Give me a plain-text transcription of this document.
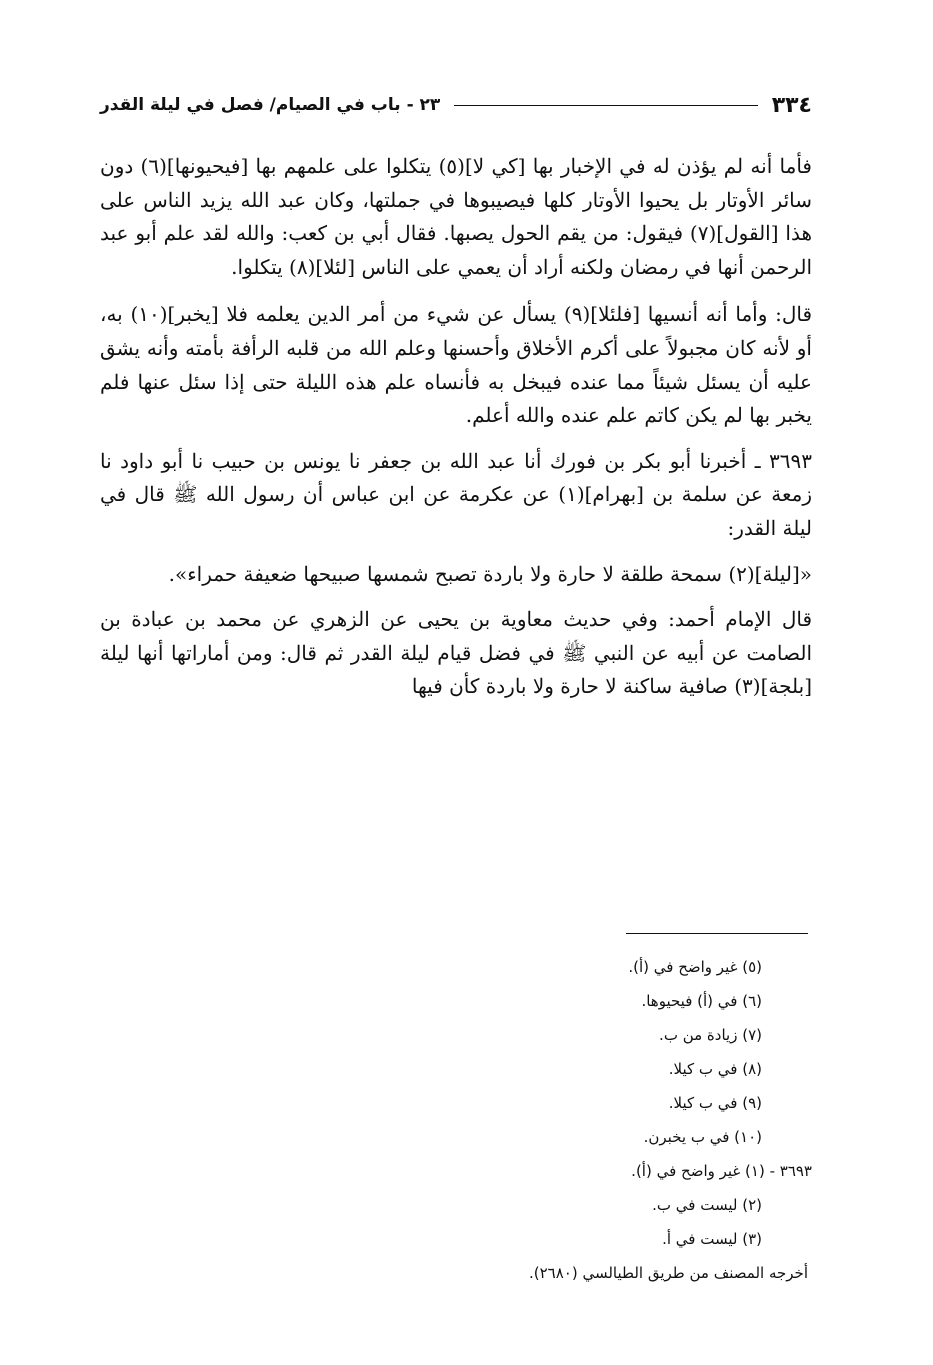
٣٣٤
٢٣ - باب في الصيام/ فصل في ليلة القدر

فأما أنه لم يؤذن له في الإخبار بها [كي لا](٥) يتكلوا على علمهم بها [فيحيونها](٦) دون سائر الأوتار بل يحيوا الأوتار كلها فيصيبوها في جملتها، وكان عبد الله يزيد الناس على هذا [القول](٧) فيقول: من يقم الحول يصبها. فقال أبي بن كعب: والله لقد علم أبو عبد الرحمن أنها في رمضان ولكنه أراد أن يعمي على الناس [لئلا](٨) يتكلوا.

قال: وأما أنه أنسيها [فلئلا](٩) يسأل عن شيء من أمر الدين يعلمه فلا [يخبر](١٠) به، أو لأنه كان مجبولاً على أكرم الأخلاق وأحسنها وعلم الله من قلبه الرأفة بأمته وأنه يشق عليه أن يسئل شيئاً مما عنده فيبخل به فأنساه علم هذه الليلة حتى إذا سئل عنها فلم يخبر بها لم يكن كاتم علم عنده والله أعلم.

٣٦٩٣ ـ أخبرنا أبو بكر بن فورك أنا عبد الله بن جعفر نا يونس بن حبيب نا أبو داود نا زمعة عن سلمة بن [بهرام](١) عن عكرمة عن ابن عباس أن رسول الله ﷺ قال في ليلة القدر:

«[ليلة](٢) سمحة طلقة لا حارة ولا باردة تصبح شمسها صبيحها ضعيفة حمراء».

قال الإمام أحمد: وفي حديث معاوية بن يحيى عن الزهري عن محمد بن عبادة بن الصامت عن أبيه عن النبي ﷺ في فضل قيام ليلة القدر ثم قال: ومن أماراتها أنها ليلة [بلجة](٣) صافية ساكنة لا حارة ولا باردة كأن فيها

(٥) غير واضح في (أ).
(٦) في (أ) فيحيوها.
(٧) زيادة من ب.
(٨) في ب كيلا.
(٩) في ب كيلا.
(١٠) في ب يخبرن.
٣٦٩٣ - (١) غير واضح في (أ).
(٢) ليست في ب.
(٣) ليست في أ.
أخرجه المصنف من طريق الطيالسي (٢٦٨٠).
